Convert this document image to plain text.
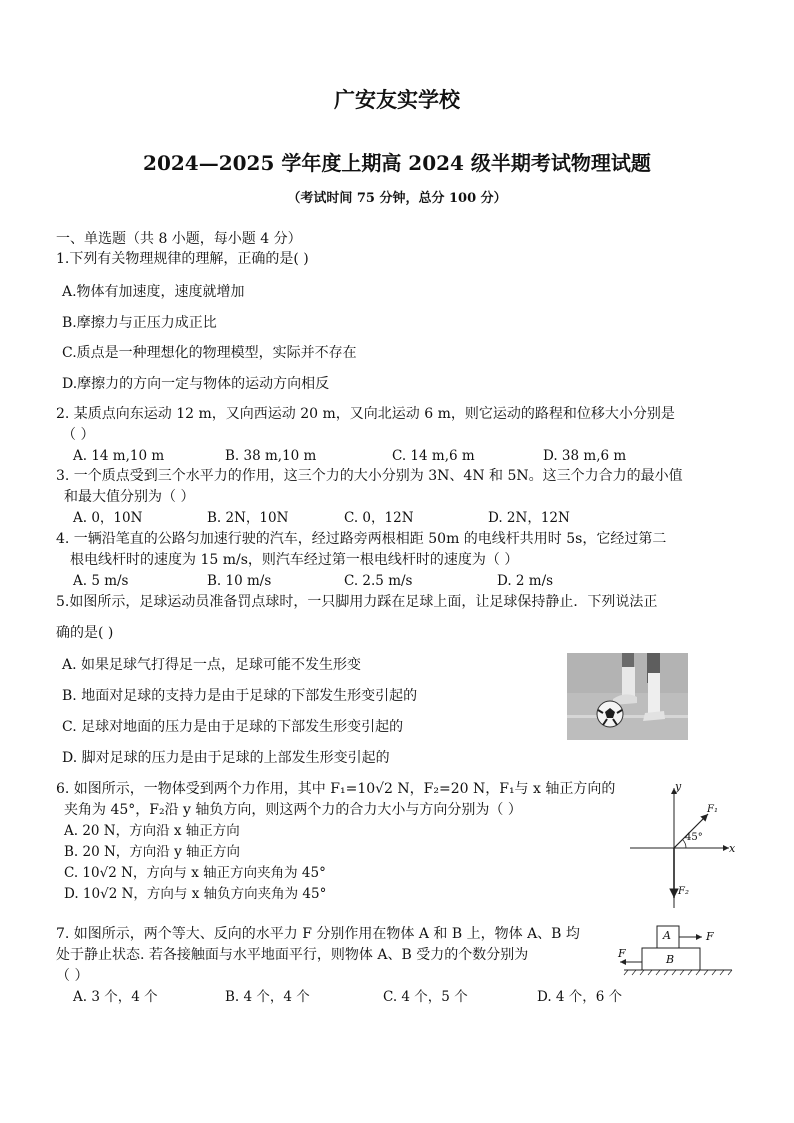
广安友实学校
2024—2025 学年度上期高 2024 级半期考试物理试题
（考试时间 75 分钟，总分 100 分）
一、单选题（共 8 小题，每小题 4 分）
1.下列有关物理规律的理解，正确的是( )
A.物体有加速度，速度就增加
B.摩擦力与正压力成正比
C.质点是一种理想化的物理模型，实际并不存在
D.摩擦力的方向一定与物体的运动方向相反
2. 某质点向东运动 12 m，又向西运动 20 m，又向北运动 6 m，则它运动的路程和位移大小分别是
（ ）
A. 14 m,10 m	B. 38 m,10 m	C. 14 m,6 m	D. 38 m,6 m
3. 一个质点受到三个水平力的作用，这三个力的大小分别为 3N、4N 和 5N。这三个力合力的最小值
和最大值分别为（ ）
A. 0，10N	B. 2N，10N	C. 0，12N	D. 2N，12N
4. 一辆沿笔直的公路匀加速行驶的汽车，经过路旁两根相距 50m 的电线杆共用时 5s，它经过第二
根电线杆时的速度为 15 m/s，则汽车经过第一根电线杆时的速度为（ ）
A. 5 m/s	B. 10 m/s	C. 2.5 m/s	D. 2 m/s
5.如图所示，足球运动员准备罚点球时，一只脚用力踩在足球上面，让足球保持静止．下列说法正
确的是( )
A. 如果足球气打得足一点，足球可能不发生形变
B. 地面对足球的支持力是由于足球的下部发生形变引起的
C. 足球对地面的压力是由于足球的下部发生形变引起的
D. 脚对足球的压力是由于足球的上部发生形变引起的
6. 如图所示，一物体受到两个力作用，其中 F₁=10√2 N，F₂=20 N，F₁与 x 轴正方向的
夹角为 45°，F₂沿 y 轴负方向，则这两个力的合力大小与方向分别为（ ）
A. 20 N，方向沿 x 轴正方向
B. 20 N，方向沿 y 轴正方向
C. 10√2 N，方向与 x 轴正方向夹角为 45°
D. 10√2 N，方向与 x 轴负方向夹角为 45°
y
x
F₁
F₂
45°
7. 如图所示，两个等大、反向的水平力 F 分别作用在物体 A 和 B 上，物体 A、B 均
处于静止状态. 若各接触面与水平地面平行，则物体 A、B 受力的个数分别为
（ ）
A. 3 个，4 个	B. 4 个，4 个	C. 4 个，5 个	D. 4 个，6 个
A
B
F
F
